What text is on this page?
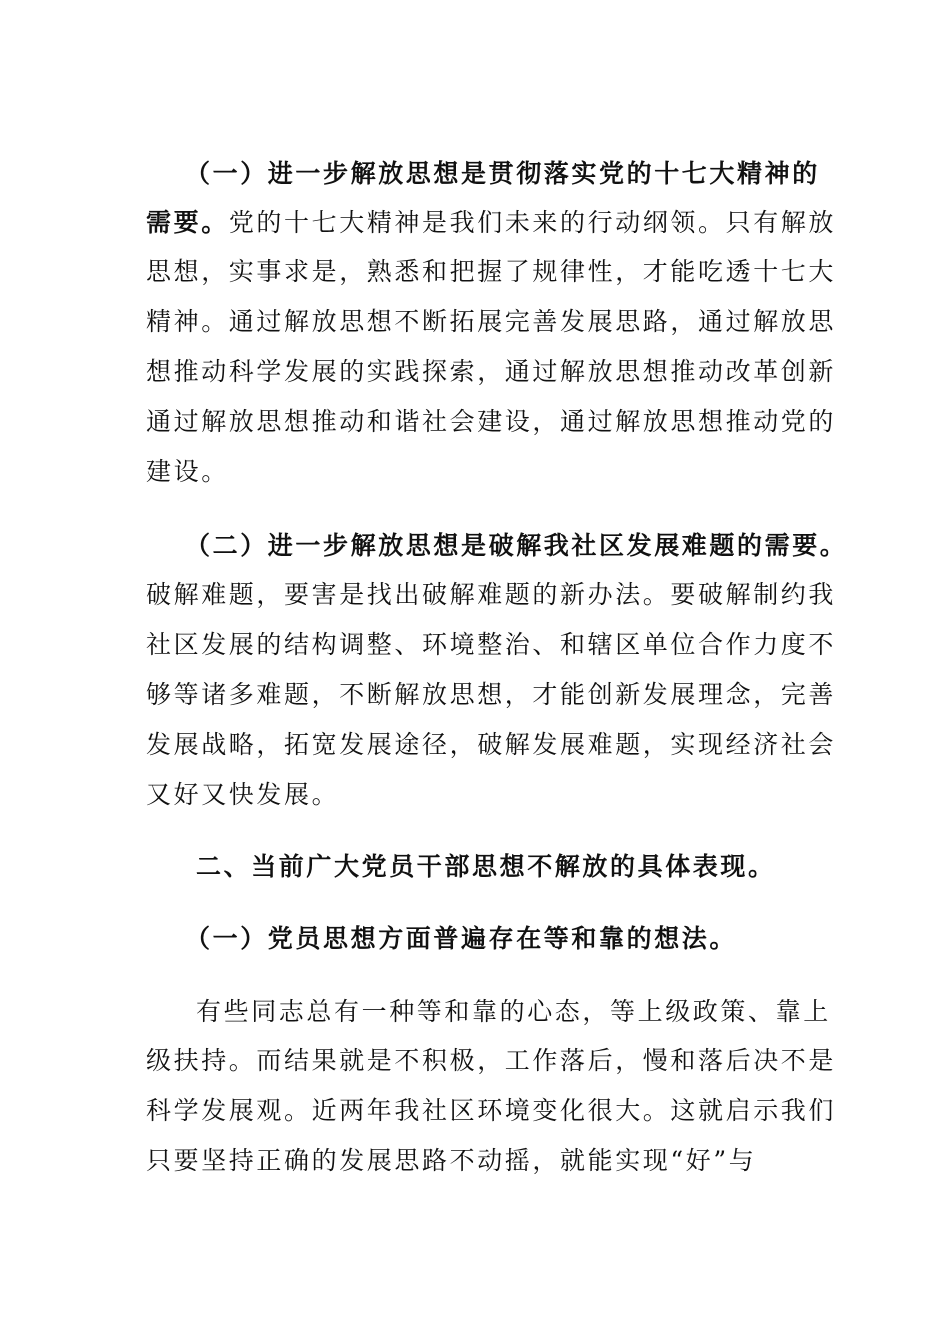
（一）进一步解放思想是贯彻落实党的十七大精神的
需要。党的十七大精神是我们未来的行动纲领。只有解放
思想，实事求是，熟悉和把握了规律性，才能吃透十七大
精神。通过解放思想不断拓展完善发展思路，通过解放思
想推动科学发展的实践探索，通过解放思想推动改革创新
通过解放思想推动和谐社会建设，通过解放思想推动党的
建设。
（二）进一步解放思想是破解我社区发展难题的需要。
破解难题，要害是找出破解难题的新办法。要破解制约我
社区发展的结构调整、环境整治、和辖区单位合作力度不
够等诸多难题，不断解放思想，才能创新发展理念，完善
发展战略，拓宽发展途径，破解发展难题，实现经济社会
又好又快发展。
二、当前广大党员干部思想不解放的具体表现。
（一）党员思想方面普遍存在等和靠的想法。
有些同志总有一种等和靠的心态，等上级政策、靠上
级扶持。而结果就是不积极，工作落后，慢和落后决不是
科学发展观。近两年我社区环境变化很大。这就启示我们
只要坚持正确的发展思路不动摇，就能实现“好”与
